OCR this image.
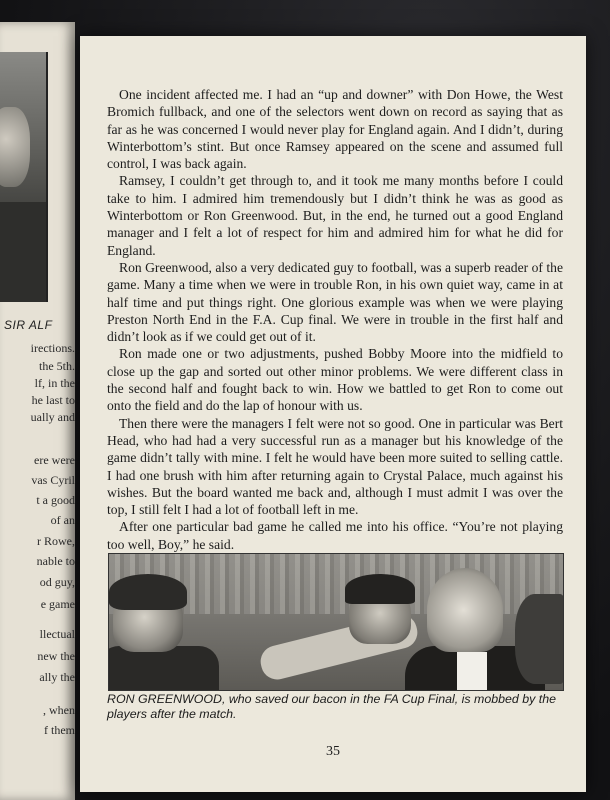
SIR ALF
irections.
the 5th.
lf, in the
he last to
ually and
ere were
vas Cyril
t a good
of an
r Rowe,
nable to
od guy,
e game
llectual
new the
ally the
, when
f them

One incident affected me. I had an “up and downer” with Don Howe, the West Bromich fullback, and one of the selectors went down on record as saying that as far as he was concerned I would never play for England again. And I didn’t, during Winterbottom’s stint. But once Ramsey appeared on the scene and assumed full control, I was back again.

Ramsey, I couldn’t get through to, and it took me many months before I could take to him. I admired him tremendously but I didn’t think he was as good as Winterbottom or Ron Greenwood. But, in the end, he turned out a good England manager and I felt a lot of respect for him and admired him for what he did for England.

Ron Greenwood, also a very dedicated guy to football, was a superb reader of the game. Many a time when we were in trouble Ron, in his own quiet way, came in at half time and put things right. One glorious example was when we were playing Preston North End in the F.A. Cup final. We were in trouble in the first half and didn’t look as if we could get out of it.

Ron made one or two adjustments, pushed Bobby Moore into the midfield to close up the gap and sorted out other minor problems. We were different class in the second half and fought back to win. How we battled to get Ron to come out onto the field and do the lap of honour with us.

Then there were the managers I felt were not so good. One in particular was Bert Head, who had had a very successful run as a manager but his knowledge of the game didn’t tally with mine. I felt he would have been more suited to selling cattle. I had one brush with him after returning again to Crystal Palace, much against his wishes. But the board wanted me back and, although I must admit I was over the top, I still felt I had a lot of football left in me.

After one particular bad game he called me into his office. “You’re not playing too well, Boy,” he said.

RON GREENWOOD, who saved our bacon in the FA Cup Final, is mobbed by the players after the match.
35
